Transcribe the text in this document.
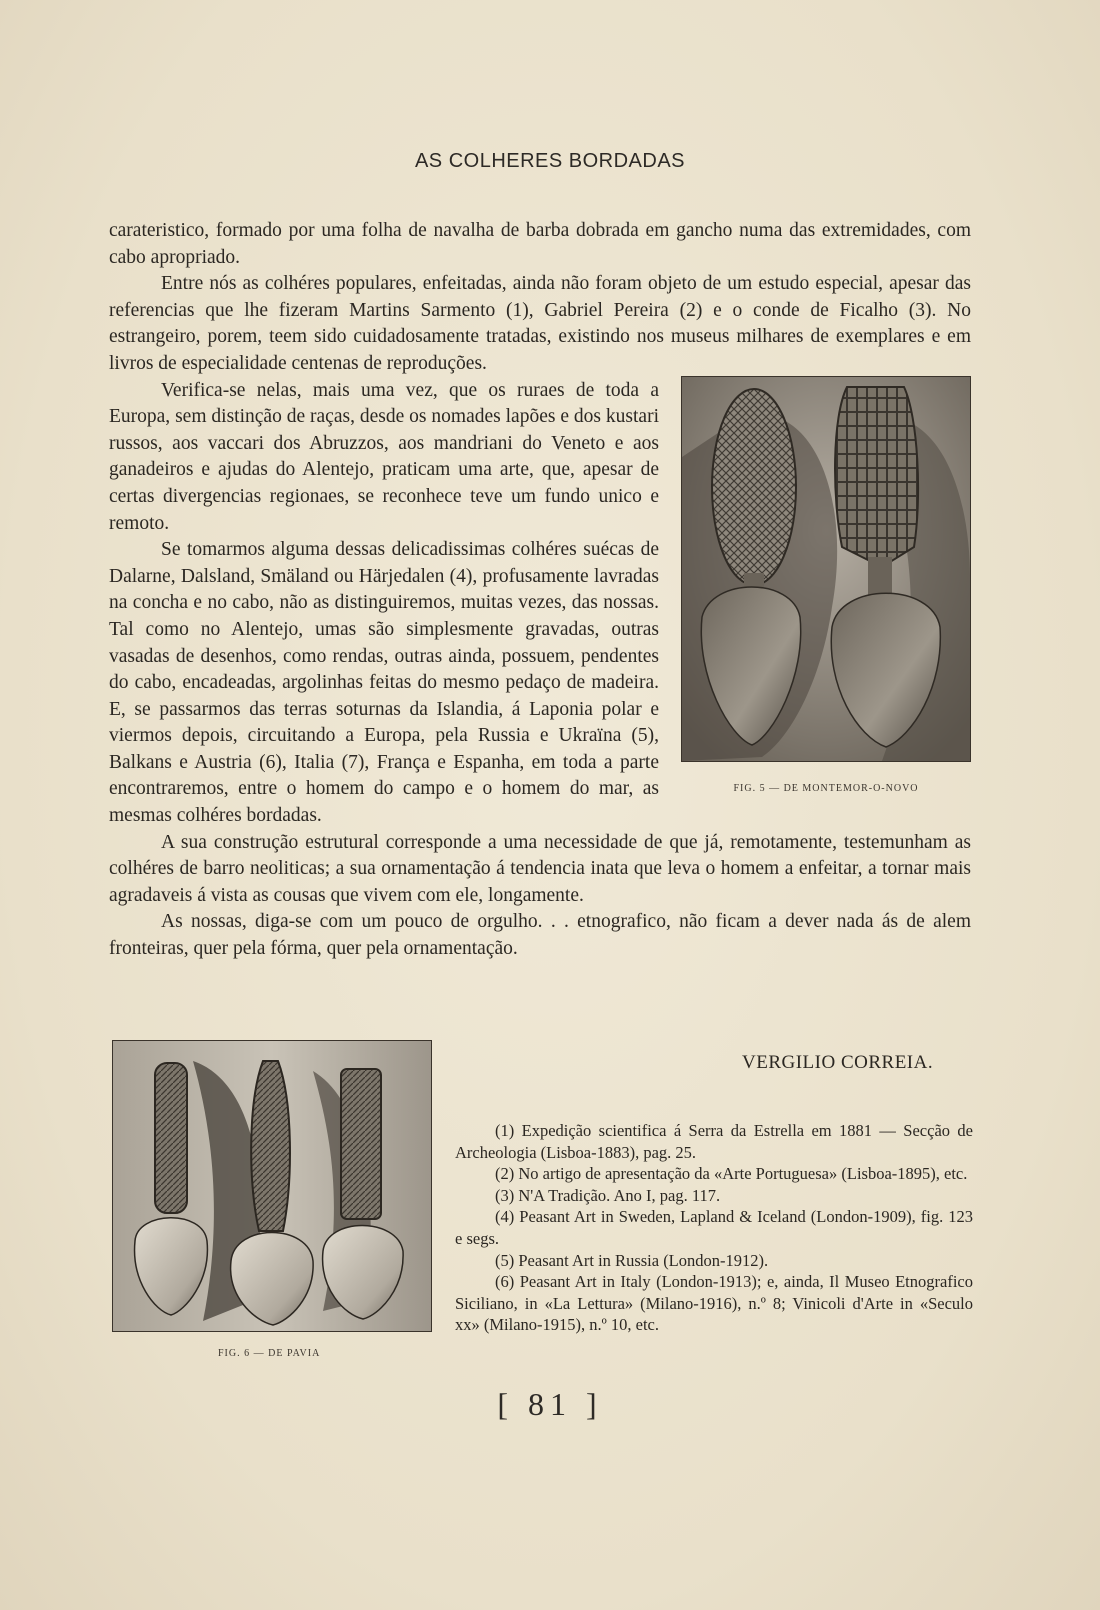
AS COLHERES BORDADAS

carateristico, formado por uma folha de navalha de barba dobrada em gancho numa das extremidades, com cabo apropriado.

Entre nós as colhéres populares, enfeitadas, ainda não foram objeto de um estudo especial, apesar das referencias que lhe fizeram Martins Sarmento (1), Gabriel Pereira (2) e o conde de Ficalho (3). No estrangeiro, porem, teem sido cuidadosamente tratadas, existindo nos museus milhares de exemplares e em livros de especialidade centenas de reproduções.

FIG. 5 — DE MONTEMOR-O-NOVO

Verifica-se nelas, mais uma vez, que os ruraes de toda a Europa, sem distinção de raças, desde os nomades lapões e dos kustari russos, aos vaccari dos Abruzzos, aos mandriani do Veneto e aos ganadeiros e ajudas do Alentejo, praticam uma arte, que, apesar de certas divergencias regionaes, se reconhece teve um fundo unico e remoto.

Se tomarmos alguma dessas delicadissimas colhéres suécas de Dalarne, Dalsland, Smäland ou Härjedalen (4), profusamente lavradas na concha e no cabo, não as distinguiremos, muitas vezes, das nossas. Tal como no Alentejo, umas são simplesmente gravadas, outras vasadas de desenhos, como rendas, outras ainda, possuem, pendentes do cabo, encadeadas, argolinhas feitas do mesmo pedaço de madeira. E, se passarmos das terras soturnas da Islandia, á Laponia polar e viermos depois, circuitando a Europa, pela Russia e Ukraïna (5), Balkans e Austria (6), Italia (7), França e Espanha, em toda a parte encontraremos, entre o homem do campo e o homem do mar, as mesmas colhéres bordadas.

A sua construção estrutural corresponde a uma necessidade de que já, remotamente, testemunham as colhéres de barro neoliticas; a sua ornamentação á tendencia inata que leva o homem a enfeitar, a tornar mais agradaveis á vista as cousas que vivem com ele, longamente.

As nossas, diga-se com um pouco de orgulho. . . etnografico, não ficam a dever nada ás de alem fronteiras, quer pela fórma, quer pela ornamentação.

FIG. 6 — DE PAVIA
VERGILIO CORREIA.

(1) Expedição scientifica á Serra da Estrella em 1881 — Secção de Archeologia (Lisboa-1883), pag. 25.

(2) No artigo de apresentação da «Arte Portuguesa» (Lisboa-1895), etc.

(3) N'A Tradição. Ano I, pag. 117.

(4) Peasant Art in Sweden, Lapland & Iceland (London-1909), fig. 123 e segs.

(5) Peasant Art in Russia (London-1912).

(6) Peasant Art in Italy (London-1913); e, ainda, Il Museo Etnografico Siciliano, in «La Lettura» (Milano-1916), n.º 8; Vinicoli d'Arte in «Seculo xx» (Milano-1915), n.º 10, etc.

[ 81 ]
